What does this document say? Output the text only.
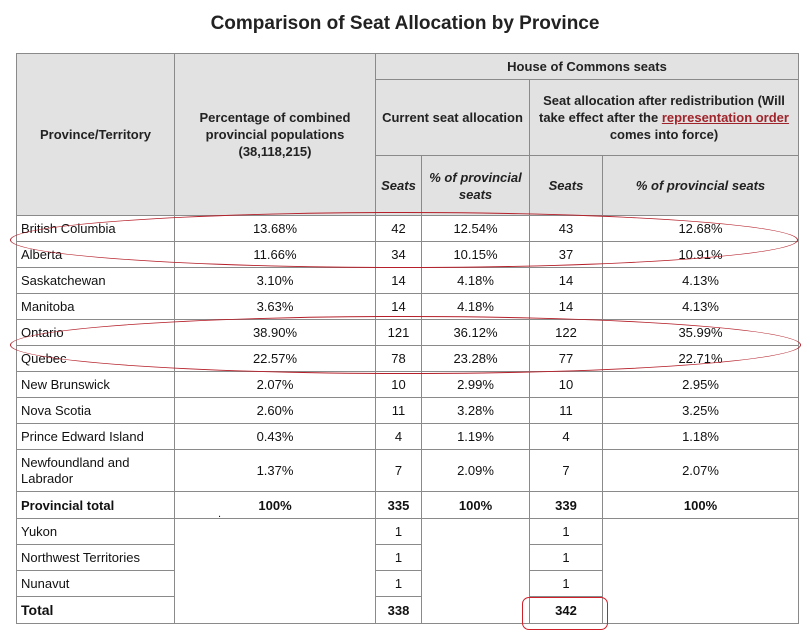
Comparison of Seat Allocation by Province
Province/Territory	Percentage of combined provincial populations (38,118,215)	House of Commons seats			
		Current seat allocation		Seat allocation after redistribution (Will take effect after the representation order comes into force)	
		Seats	% of provincial seats	Seats	% of provincial seats
British Columbia	13.68%	42	12.54%	43	12.68%
Alberta	11.66%	34	10.15%	37	10.91%
Saskatchewan	3.10%	14	4.18%	14	4.13%
Manitoba	3.63%	14	4.18%	14	4.13%
Ontario	38.90%	121	36.12%	122	35.99%
Quebec	22.57%	78	23.28%	77	22.71%
New Brunswick	2.07%	10	2.99%	10	2.95%
Nova Scotia	2.60%	11	3.28%	11	3.25%
Prince Edward Island	0.43%	4	1.19%	4	1.18%
Newfoundland and Labrador	1.37%	7	2.09%	7	2.07%
Provincial total	100%	335	100%	339	100%
Yukon		1		1	
Northwest Territories		1		1	
Nunavut		1		1	
Total		338		342	
.
